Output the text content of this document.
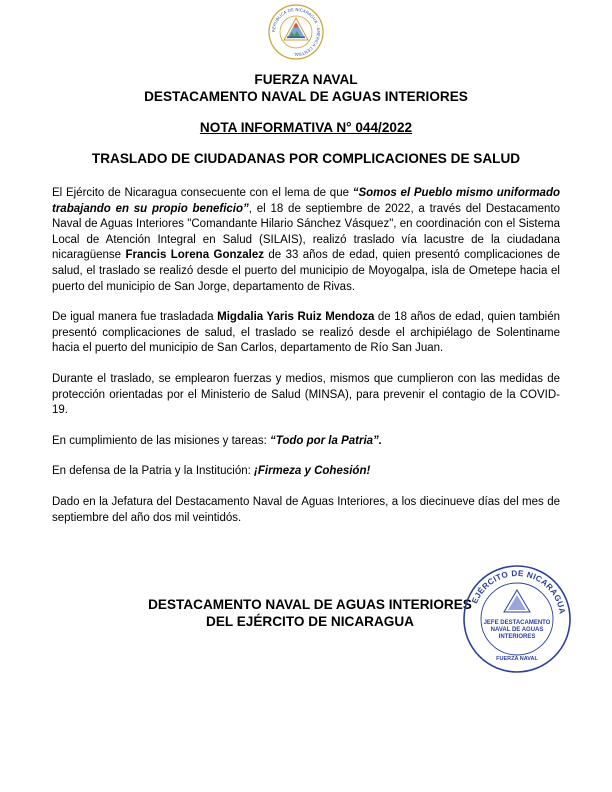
REPÚBLICA DE NICARAGUA · AMÉRICA CENTRAL
FUERZA NAVAL
DESTACAMENTO NAVAL DE AGUAS INTERIORES
NOTA INFORMATIVA N° 044/2022
TRASLADO DE CIUDADANAS POR COMPLICACIONES DE SALUD

El Ejército de Nicaragua consecuente con el lema de que “Somos el Pueblo mismo uniformado trabajando en su propio beneficio”, el 18 de septiembre de 2022, a través del Destacamento Naval de Aguas Interiores "Comandante Hilario Sánchez Vásquez", en coordinación con el Sistema Local de Atención Integral en Salud (SILAIS), realizó traslado vía lacustre de la ciudadana nicaragüense Francis Lorena Gonzalez de 33 años de edad, quien presentó complicaciones de salud, el traslado se realizó desde el puerto del municipio de Moyogalpa, isla de Ometepe hacia el puerto del municipio de San Jorge, departamento de Rivas.

De igual manera fue trasladada Migdalia Yaris Ruiz Mendoza de 18 años de edad, quien también presentó complicaciones de salud, el traslado se realizó desde el archipiélago de Solentiname hacia el puerto del municipio de San Carlos, departamento de Río San Juan.

Durante el traslado, se emplearon fuerzas y medios, mismos que cumplieron con las medidas de protección orientadas por el Ministerio de Salud (MINSA), para prevenir el contagio de la COVID-19.

En cumplimiento de las misiones y tareas: “Todo por la Patria”.

En defensa de la Patria y la Institución: ¡Firmeza y Cohesión!

Dado en la Jefatura del Destacamento Naval de Aguas Interiores, a los diecinueve días del mes de septiembre del año dos mil veintidós.

DESTACAMENTO NAVAL DE AGUAS INTERIORES
DEL EJÉRCITO DE NICARAGUA
EJÉRCITO DE NICARAGUA
JEFE DESTACAMENTO
NAVAL DE AGUAS
INTERIORES
FUERZA NAVAL
